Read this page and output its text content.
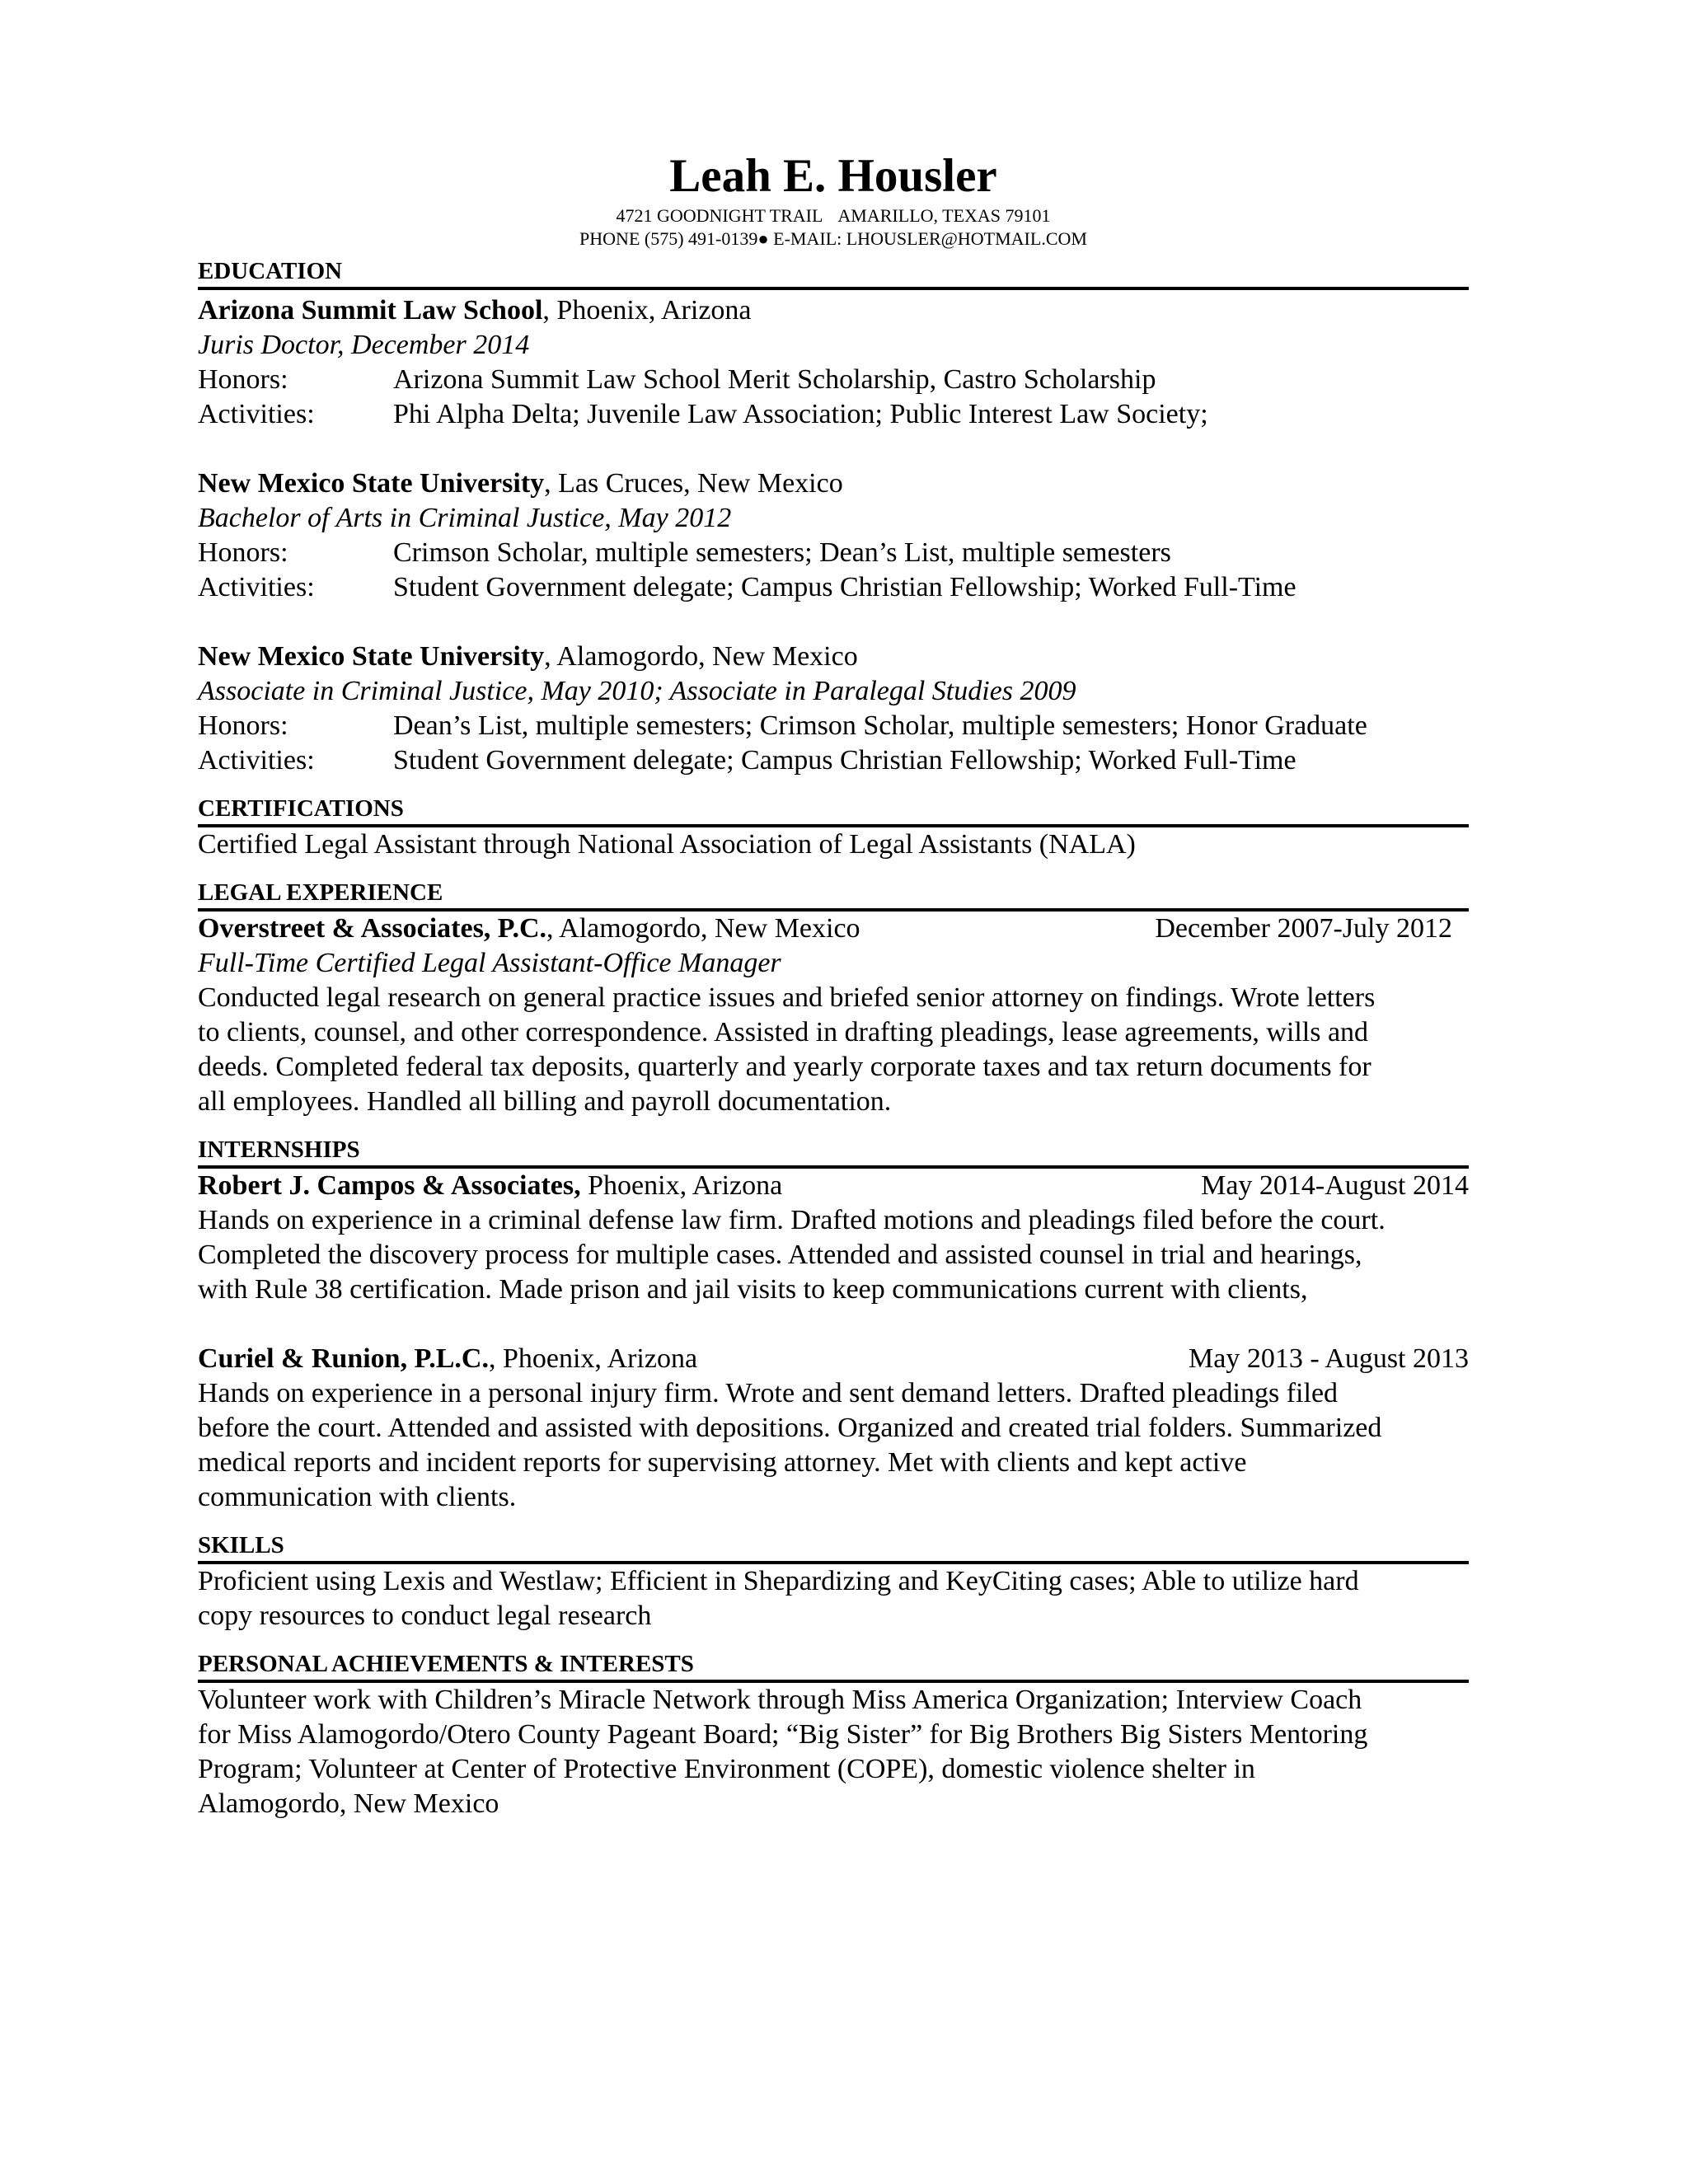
Leah E. Housler
4721 GOODNIGHT TRAIL AMARILLO, TEXAS 79101
PHONE (575) 491-0139● E-MAIL: LHOUSLER@HOTMAIL.COM
EDUCATION
Arizona Summit Law School, Phoenix, Arizona
Juris Doctor, December 2014
Honors:	Arizona Summit Law School Merit Scholarship, Castro Scholarship
Activities:	Phi Alpha Delta; Juvenile Law Association; Public Interest Law Society;
New Mexico State University, Las Cruces, New Mexico
Bachelor of Arts in Criminal Justice, May 2012
Honors:	Crimson Scholar, multiple semesters; Dean’s List, multiple semesters
Activities:	Student Government delegate; Campus Christian Fellowship; Worked Full-Time
New Mexico State University, Alamogordo, New Mexico
Associate in Criminal Justice, May 2010; Associate in Paralegal Studies 2009
Honors:	Dean’s List, multiple semesters; Crimson Scholar, multiple semesters; Honor Graduate
Activities:	Student Government delegate; Campus Christian Fellowship; Worked Full-Time
CERTIFICATIONS
Certified Legal Assistant through National Association of Legal Assistants (NALA)
LEGAL EXPERIENCE
Overstreet & Associates, P.C., Alamogordo, New Mexico	December 2007-July 2012
Full-Time Certified Legal Assistant-Office Manager
Conducted legal research on general practice issues and briefed senior attorney on findings. Wrote letters
to clients, counsel, and other correspondence. Assisted in drafting pleadings, lease agreements, wills and
deeds. Completed federal tax deposits, quarterly and yearly corporate taxes and tax return documents for
all employees. Handled all billing and payroll documentation.
INTERNSHIPS
Robert J. Campos & Associates, Phoenix, Arizona	May 2014-August 2014
Hands on experience in a criminal defense law firm. Drafted motions and pleadings filed before the court.
Completed the discovery process for multiple cases. Attended and assisted counsel in trial and hearings,
with Rule 38 certification. Made prison and jail visits to keep communications current with clients,
Curiel & Runion, P.L.C., Phoenix, Arizona	May 2013 - August 2013
Hands on experience in a personal injury firm. Wrote and sent demand letters. Drafted pleadings filed
before the court. Attended and assisted with depositions. Organized and created trial folders. Summarized
medical reports and incident reports for supervising attorney. Met with clients and kept active
communication with clients.
SKILLS
Proficient using Lexis and Westlaw; Efficient in Shepardizing and KeyCiting cases; Able to utilize hard
copy resources to conduct legal research
PERSONAL ACHIEVEMENTS & INTERESTS
Volunteer work with Children’s Miracle Network through Miss America Organization; Interview Coach
for Miss Alamogordo/Otero County Pageant Board; “Big Sister” for Big Brothers Big Sisters Mentoring
Program; Volunteer at Center of Protective Environment (COPE), domestic violence shelter in
Alamogordo, New Mexico
